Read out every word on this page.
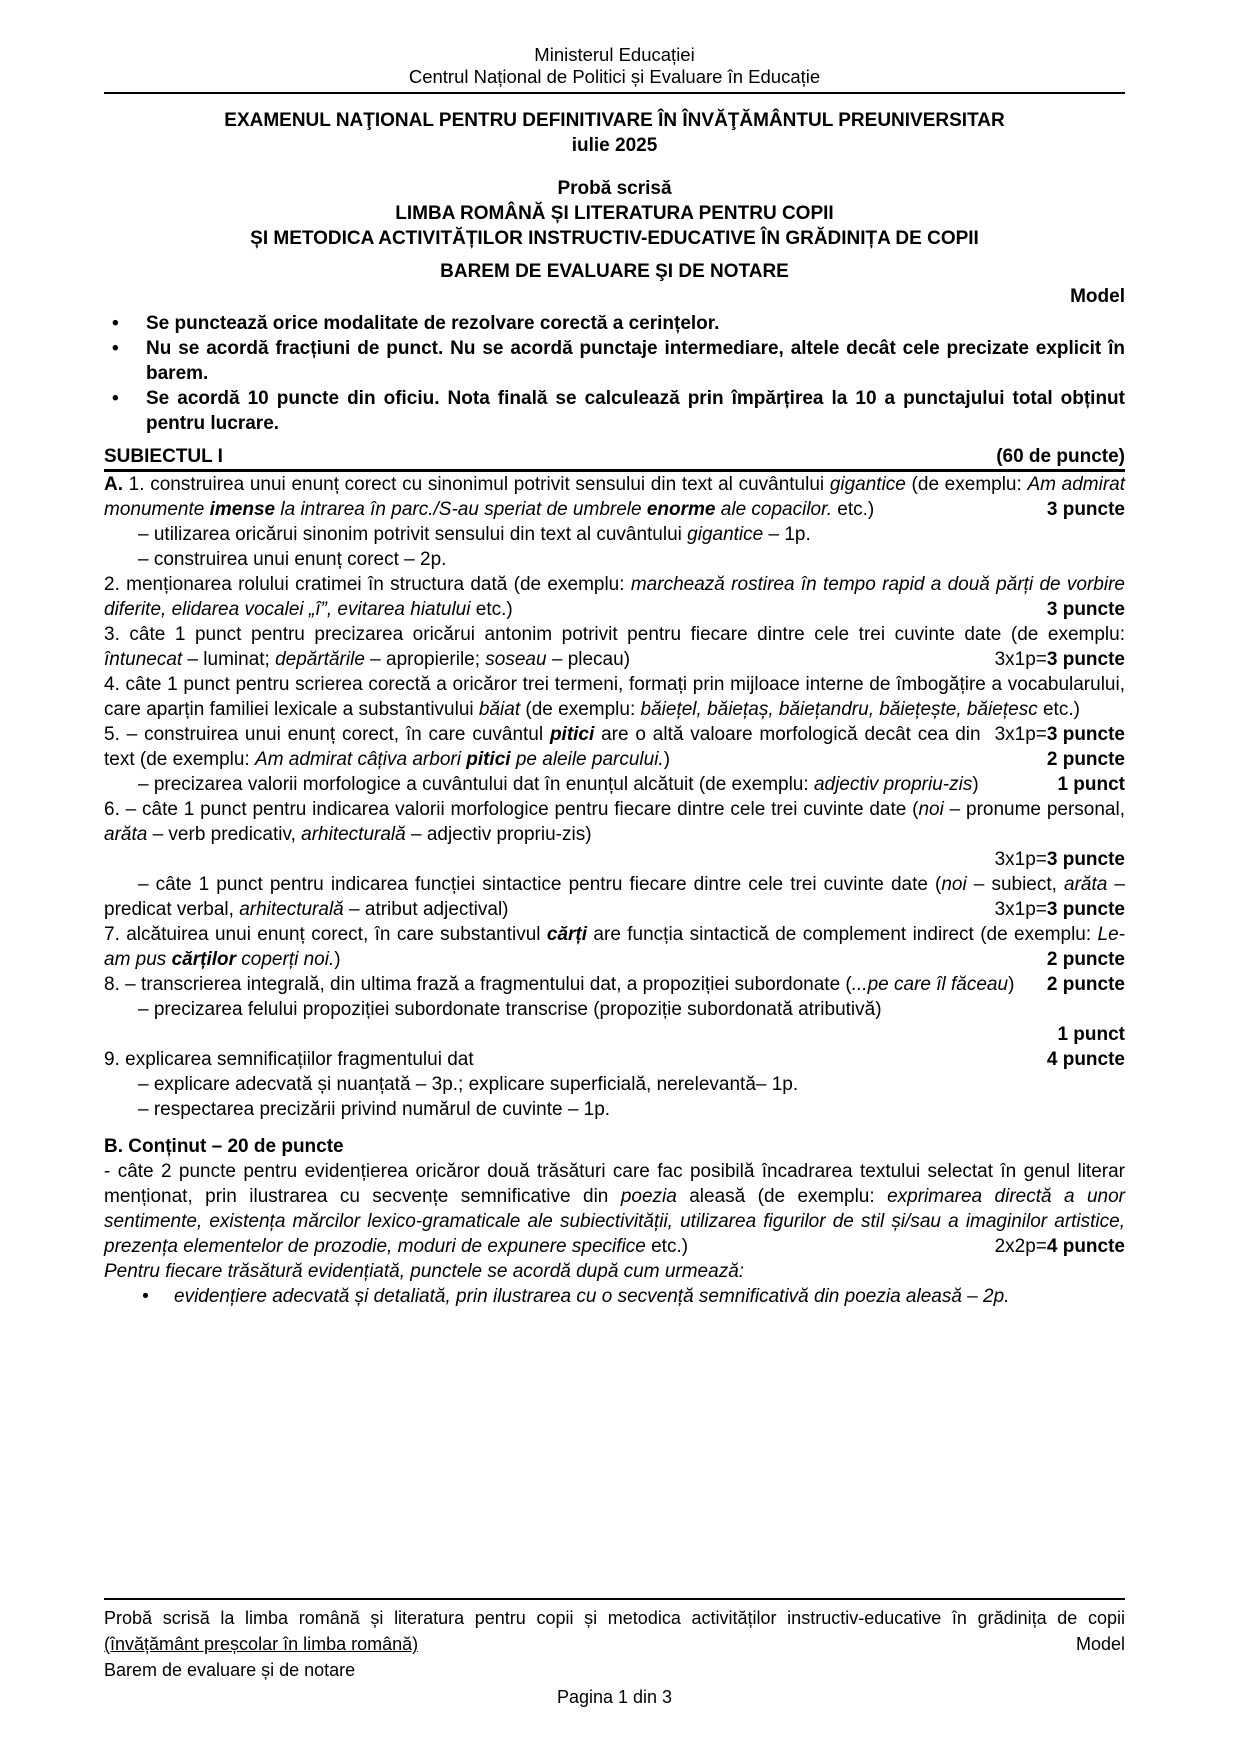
Ministerul Educației
Centrul Național de Politici și Evaluare în Educație
EXAMENUL NAŢIONAL PENTRU DEFINITIVARE ÎN ÎNVĂŢĂMÂNTUL PREUNIVERSITAR
iulie 2025
Probă scrisă
LIMBA ROMÂNĂ ȘI LITERATURA PENTRU COPII
ȘI METODICA ACTIVITĂȚILOR INSTRUCTIV-EDUCATIVE ÎN GRĂDINIȚA DE COPII
BAREM DE EVALUARE ŞI DE NOTARE
Model
•	Se punctează orice modalitate de rezolvare corectă a cerințelor.
•	Nu se acordă fracțiuni de punct. Nu se acordă punctaje intermediare, altele decât cele precizate explicit în barem.
•	Se acordă 10 puncte din oficiu. Nota finală se calculează prin împărțirea la 10 a punctajului total obținut pentru lucrare.
SUBIECTUL I	(60 de puncte)
A. 1. construirea unui enunț corect cu sinonimul potrivit sensului din text al cuvântului gigantice (de exemplu: Am admirat monumente imense la intrarea în parc./S-au speriat de umbrele enorme ale copacilor. etc.)	3 puncte
– utilizarea oricărui sinonim potrivit sensului din text al cuvântului gigantice – 1p.
– construirea unui enunț corect – 2p.
2. menționarea rolului cratimei în structura dată (de exemplu: marchează rostirea în tempo rapid a două părți de vorbire diferite, elidarea vocalei „î”, evitarea hiatului etc.)	3 puncte
3. câte 1 punct pentru precizarea oricărui antonim potrivit pentru fiecare dintre cele trei cuvinte date (de exemplu: întunecat – luminat; depărtările – apropierile; soseau – plecau)	3x1p=3 puncte
4. câte 1 punct pentru scrierea corectă a oricăror trei termeni, formați prin mijloace interne de îmbogățire a vocabularului, care aparțin familiei lexicale a substantivului băiat (de exemplu: băiețel, băiețaș, băiețandru, băiețește, băiețesc etc.)
3x1p=3 puncte
5. – construirea unui enunț corect, în care cuvântul pitici are o altă valoare morfologică decât cea din text (de exemplu: Am admirat câțiva arbori pitici pe aleile parcului.)	2 puncte
– precizarea valorii morfologice a cuvântului dat în enunțul alcătuit (de exemplu: adjectiv propriu-zis)	1 punct
6. – câte 1 punct pentru indicarea valorii morfologice pentru fiecare dintre cele trei cuvinte date (noi – pronume personal, arăta – verb predicativ, arhitecturală – adjectiv propriu-zis)
3x1p=3 puncte
– câte 1 punct pentru indicarea funcției sintactice pentru fiecare dintre cele trei cuvinte date (noi – subiect, arăta – predicat verbal, arhitecturală – atribut adjectival)	3x1p=3 puncte
7. alcătuirea unui enunț corect, în care substantivul cărți are funcția sintactică de complement indirect (de exemplu: Le-am pus cărților coperți noi.)	2 puncte
8. – transcrierea integrală, din ultima frază a fragmentului dat, a propoziției subordonate (...pe care îl făceau) 2 puncte
– precizarea felului propoziției subordonate transcrise (propoziție subordonată atributivă)
1 punct
9. explicarea semnificațiilor fragmentului dat	4 puncte
– explicare adecvată și nuanțată – 3p.; explicare superficială, nerelevantă– 1p.
– respectarea precizării privind numărul de cuvinte – 1p.
B. Conținut – 20 de puncte
- câte 2 puncte pentru evidențierea oricăror două trăsături care fac posibilă încadrarea textului selectat în genul literar menționat, prin ilustrarea cu secvențe semnificative din poezia aleasă (de exemplu: exprimarea directă a unor sentimente, existența mărcilor lexico-gramaticale ale subiectivității, utilizarea figurilor de stil și/sau a imaginilor artistice, prezența elementelor de prozodie, moduri de expunere specifice etc.)	2x2p=4 puncte
Pentru fiecare trăsătură evidențiată, punctele se acordă după cum urmează:
•	evidențiere adecvată și detaliată, prin ilustrarea cu o secvență semnificativă din poezia aleasă – 2p.
Probă scrisă la limba română și literatura pentru copii și metodica activităților instructiv-educative în grădinița de copii (învățământ preșcolar în limba română)	Model
Barem de evaluare și de notare
Pagina 1 din 3
